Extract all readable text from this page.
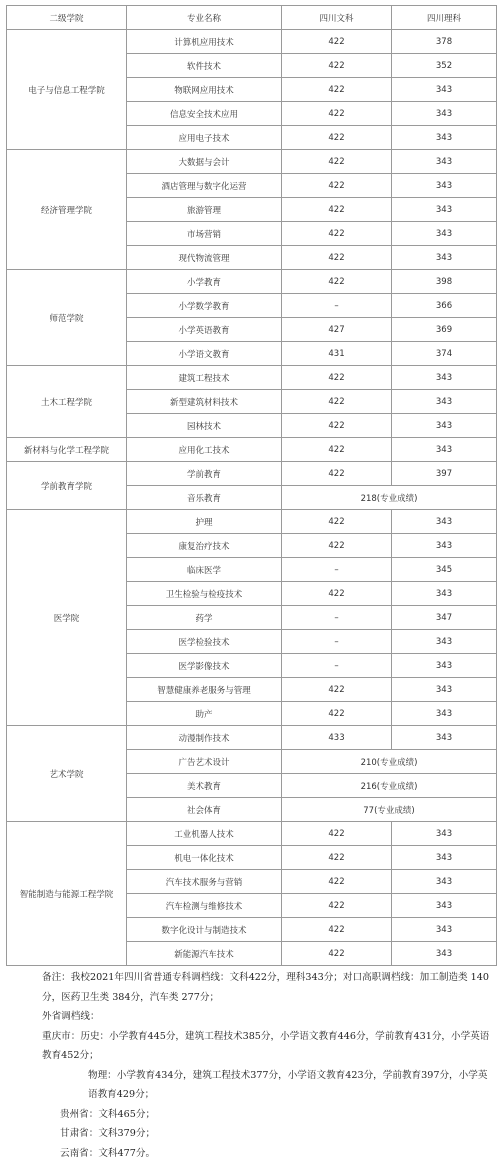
二级学院	专业名称	四川文科	四川理科
电子与信息工程学院	计算机应用技术	422	378
	软件技术	422	352
	物联网应用技术	422	343
	信息安全技术应用	422	343
	应用电子技术	422	343
经济管理学院	大数据与会计	422	343
	酒店管理与数字化运营	422	343
	旅游管理	422	343
	市场营销	422	343
	现代物流管理	422	343
师范学院	小学教育	422	398
	小学数学教育	–	366
	小学英语教育	427	369
	小学语文教育	431	374
土木工程学院	建筑工程技术	422	343
	新型建筑材料技术	422	343
	园林技术	422	343
新材料与化学工程学院	应用化工技术	422	343
学前教育学院	学前教育	422	397
	音乐教育	218(专业成绩)	
医学院	护理	422	343
	康复治疗技术	422	343
	临床医学	–	345
	卫生检验与检疫技术	422	343
	药学	–	347
	医学检验技术	–	343
	医学影像技术	–	343
	智慧健康养老服务与管理	422	343
	助产	422	343
艺术学院	动漫制作技术	433	343
	广告艺术设计	210(专业成绩)	
	美术教育	216(专业成绩)	
	社会体育	77(专业成绩)	
智能制造与能源工程学院	工业机器人技术	422	343
	机电一体化技术	422	343
	汽车技术服务与营销	422	343
	汽车检测与维修技术	422	343
	数字化设计与制造技术	422	343
	新能源汽车技术	422	343

备注：我校2021年四川省普通专科调档线：文科422分，理科343分；对口高职调档线：加工制造类 140分，医药卫生类 384分，汽车类 277分；

外省调档线：

重庆市：历史：小学教育445分，建筑工程技术385分，小学语文教育446分，学前教育431分，小学英语教育452分；

物理：小学教育434分，建筑工程技术377分，小学语文教育423分，学前教育397分，小学英语教育429分；

贵州省：文科465分；

甘肃省：文科379分；

云南省：文科477分。
